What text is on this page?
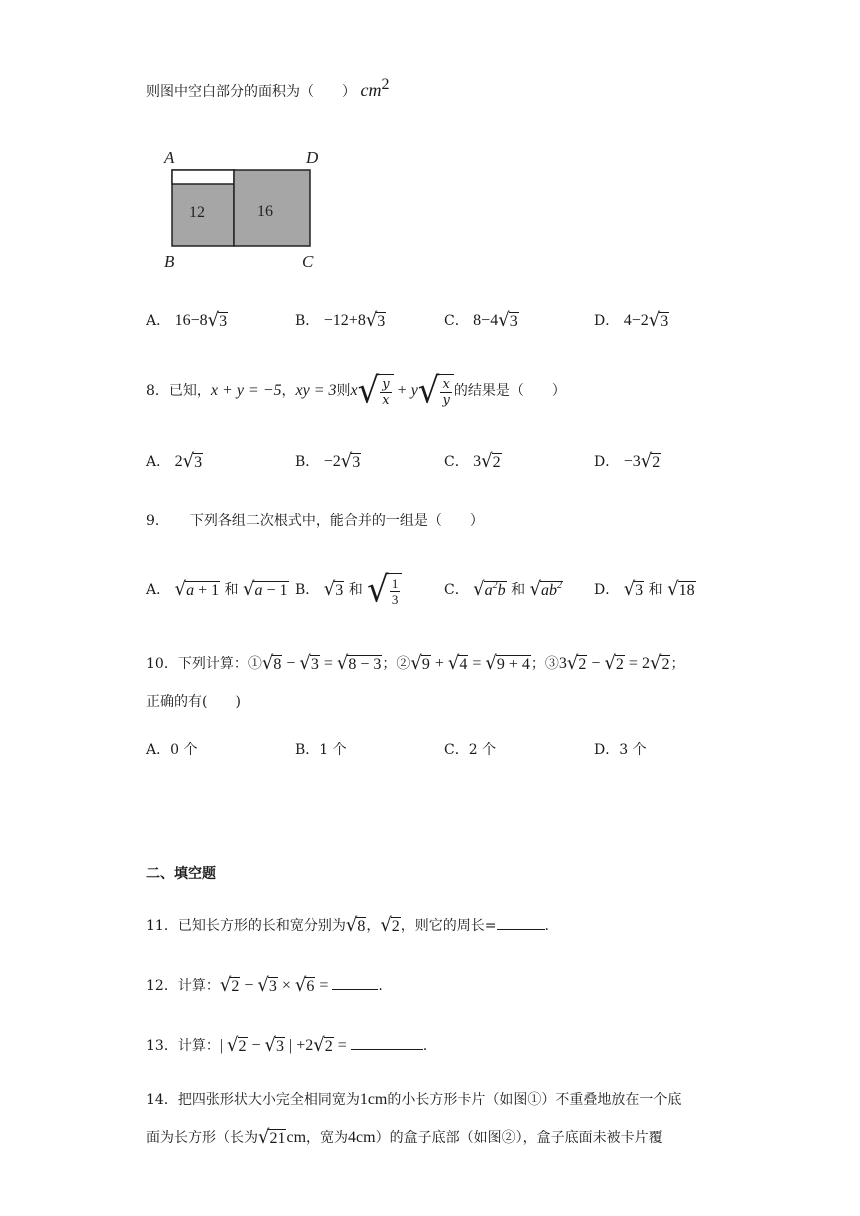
则图中空白部分的面积为（　　） $cm^2$
A	D
B	C
12	16
A． 16−8 √ 3	B． −12+8 √ 3	C． 8−4 √ 3	D． 4−2 √ 3
8．已知，x + y = −5，xy = 3则x √ $\frac{y}{x} + y$ √ $\frac{x}{y}$ 的结果是（　　）
A． 2 √ 3	B． −2 √ 3	C． 3 √ 2	D． −3 √ 2
9．　　下列各组二次根式中，能合并的一组是（　　）
A． √ a + 1 和 √ a − 1 B． √ 3 和 √ $\frac{1}{3}$	C． √ $a^2b$ 和 √ $ab^2$ D． √ 3 和 √ 18
10．下列计算：① √ 8 − √ 3 = √ 8 − 3 ；② √ 9 + √ 4 = √ 9 + 4 ；③3 √ 2 − √ 2 = 2 √ 2 ；
正确的有(　　)
A．0 个	B．1 个	C．2 个	D．3 个
二、填空题
11．已知长方形的长和宽分别为 √ 8 ， √ 2 ，则它的周长=	.
12．计算： √ 2 − √ 3 × √ 6 =	.
13．计算：| √ 2 − √ 3 | +2 √ 2 =	.
14．把四张形状大小完全相同宽为1cm的小长方形卡片（如图①）不重叠地放在一个底
面为长方形（长为 √ 21 cm，宽为4cm）的盒子底部（如图②），盒子底面未被卡片覆
